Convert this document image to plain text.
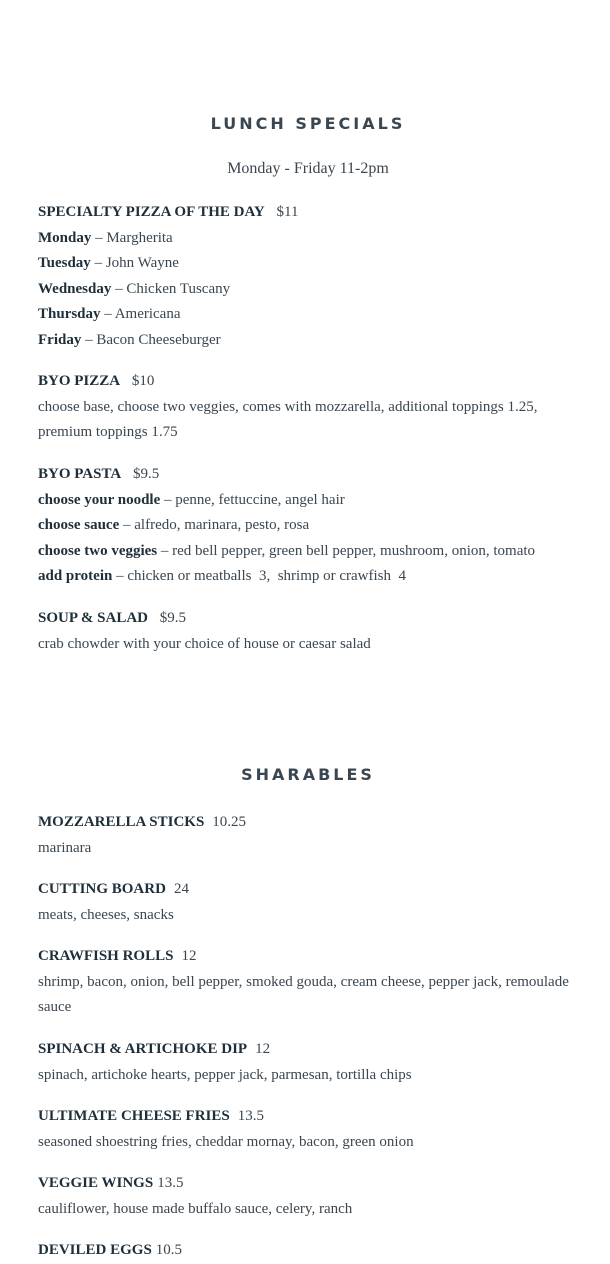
LUNCH SPECIALS
Monday - Friday 11-2pm
SPECIALTY PIZZA OF THE DAY $11
Monday – Margherita
Tuesday – John Wayne
Wednesday – Chicken Tuscany
Thursday – Americana
Friday – Bacon Cheeseburger
BYO PIZZA $10
choose base, choose two veggies, comes with mozzarella, additional toppings 1.25, premium toppings 1.75
BYO PASTA $9.5
choose your noodle – penne, fettuccine, angel hair
choose sauce – alfredo, marinara, pesto, rosa
choose two veggies – red bell pepper, green bell pepper, mushroom, onion, tomato
add protein – chicken or meatballs  3,  shrimp or crawfish  4
SOUP & SALAD $9.5
crab chowder with your choice of house or caesar salad
SHARABLES
MOZZARELLA STICKS 10.25
marinara
CUTTING BOARD 24
meats, cheeses, snacks
CRAWFISH ROLLS 12
shrimp, bacon, onion, bell pepper, smoked gouda, cream cheese, pepper jack, remoulade sauce
SPINACH & ARTICHOKE DIP 12
spinach, artichoke hearts, pepper jack, parmesan, tortilla chips
ULTIMATE CHEESE FRIES 13.5
seasoned shoestring fries, cheddar mornay, bacon, green onion
VEGGIE WINGS 13.5
cauliflower, house made buffalo sauce, celery, ranch
DEVILED EGGS 10.5
